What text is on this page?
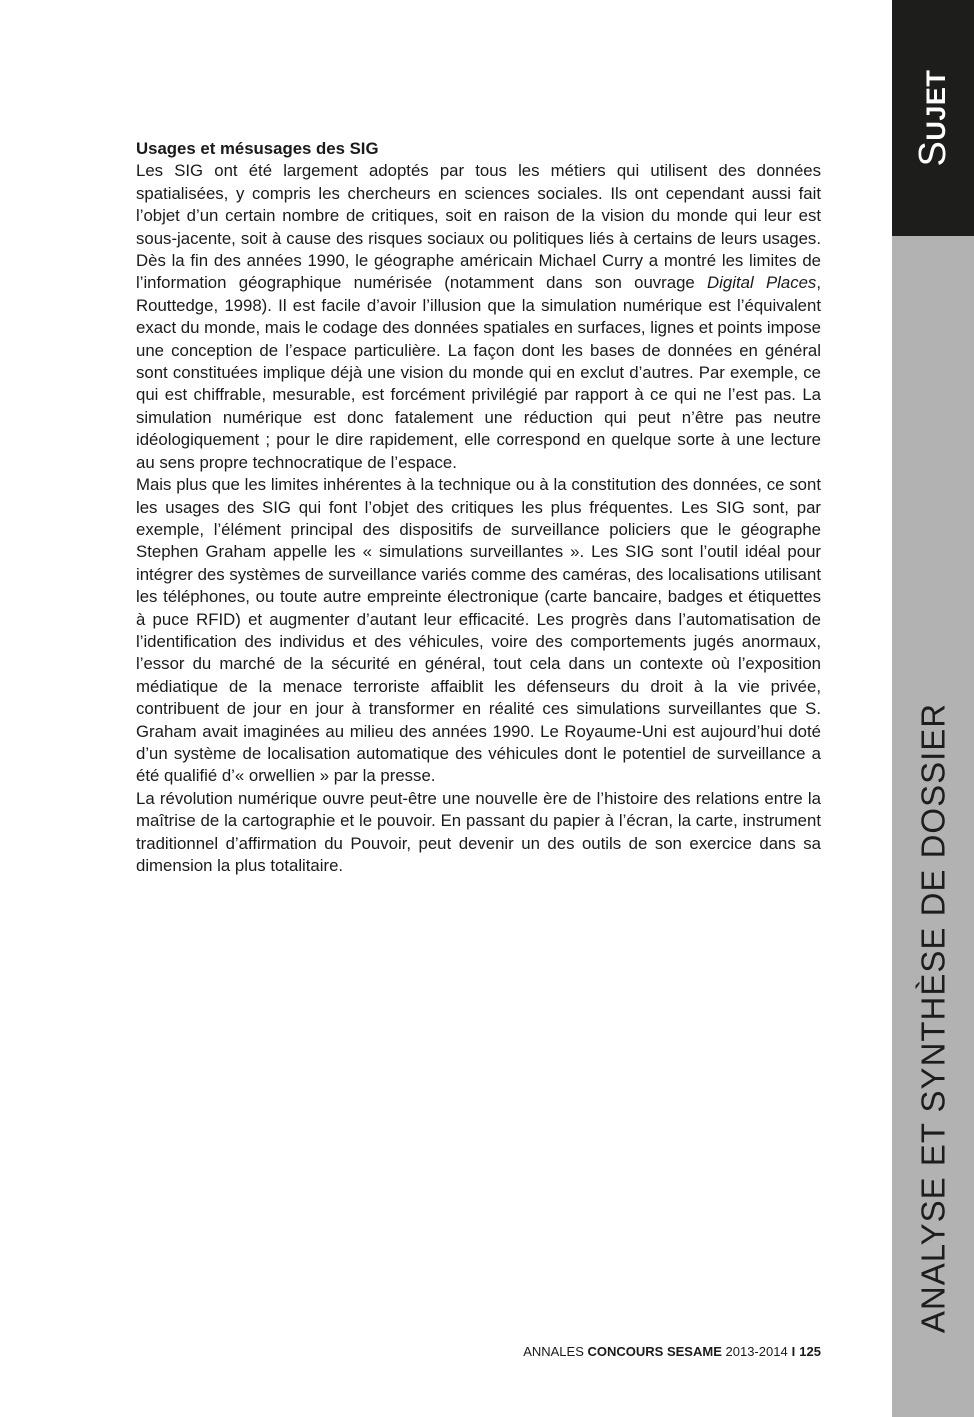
Sujet
ANALYSE ET SYNTHÈSE DE DOSSIER
Usages et mésusages des SIG

Les SIG ont été largement adoptés par tous les métiers qui utilisent des données spatialisées, y compris les chercheurs en sciences sociales. Ils ont cependant aussi fait l’objet d’un certain nombre de critiques, soit en raison de la vision du monde qui leur est sous-jacente, soit à cause des risques sociaux ou politiques liés à certains de leurs usages. Dès la fin des années 1990, le géographe américain Michael Curry a montré les limites de l’information géographique numérisée (notamment dans son ouvrage Digital Places, Routtedge, 1998). Il est facile d’avoir l’illusion que la simulation numérique est l’équivalent exact du monde, mais le codage des données spatiales en surfaces, lignes et points impose une conception de l’espace particulière. La façon dont les bases de données en général sont constituées implique déjà une vision du monde qui en exclut d’autres. Par exemple, ce qui est chiffrable, mesurable, est forcément privilégié par rapport à ce qui ne l’est pas. La simulation numérique est donc fatalement une réduction qui peut n’être pas neutre idéologiquement ; pour le dire rapidement, elle correspond en quelque sorte à une lecture au sens propre technocratique de l’espace.

Mais plus que les limites inhérentes à la technique ou à la constitution des données, ce sont les usages des SIG qui font l’objet des critiques les plus fréquentes. Les SIG sont, par exemple, l’élément principal des dispositifs de surveillance policiers que le géographe Stephen Graham appelle les « simulations surveillantes ». Les SIG sont l’outil idéal pour intégrer des systèmes de surveillance variés comme des caméras, des localisations utilisant les téléphones, ou toute autre empreinte électronique (carte bancaire, badges et étiquettes à puce RFID) et augmenter d’autant leur efficacité. Les progrès dans l’automatisation de l’identification des individus et des véhicules, voire des comportements jugés anormaux, l’essor du marché de la sécurité en général, tout cela dans un contexte où l’exposition médiatique de la menace terroriste affaiblit les défenseurs du droit à la vie privée, contribuent de jour en jour à transformer en réalité ces simulations surveillantes que S. Graham avait imaginées au milieu des années 1990. Le Royaume-Uni est aujourd’hui doté d’un système de localisation automatique des véhicules dont le potentiel de surveillance a été qualifié d’« orwellien » par la presse.

La révolution numérique ouvre peut-être une nouvelle ère de l’histoire des relations entre la maîtrise de la cartographie et le pouvoir. En passant du papier à l’écran, la carte, instrument traditionnel d’affirmation du Pouvoir, peut devenir un des outils de son exercice dans sa dimension la plus totalitaire.

ANNALES CONCOURS SESAME 2013-2014 I 125
